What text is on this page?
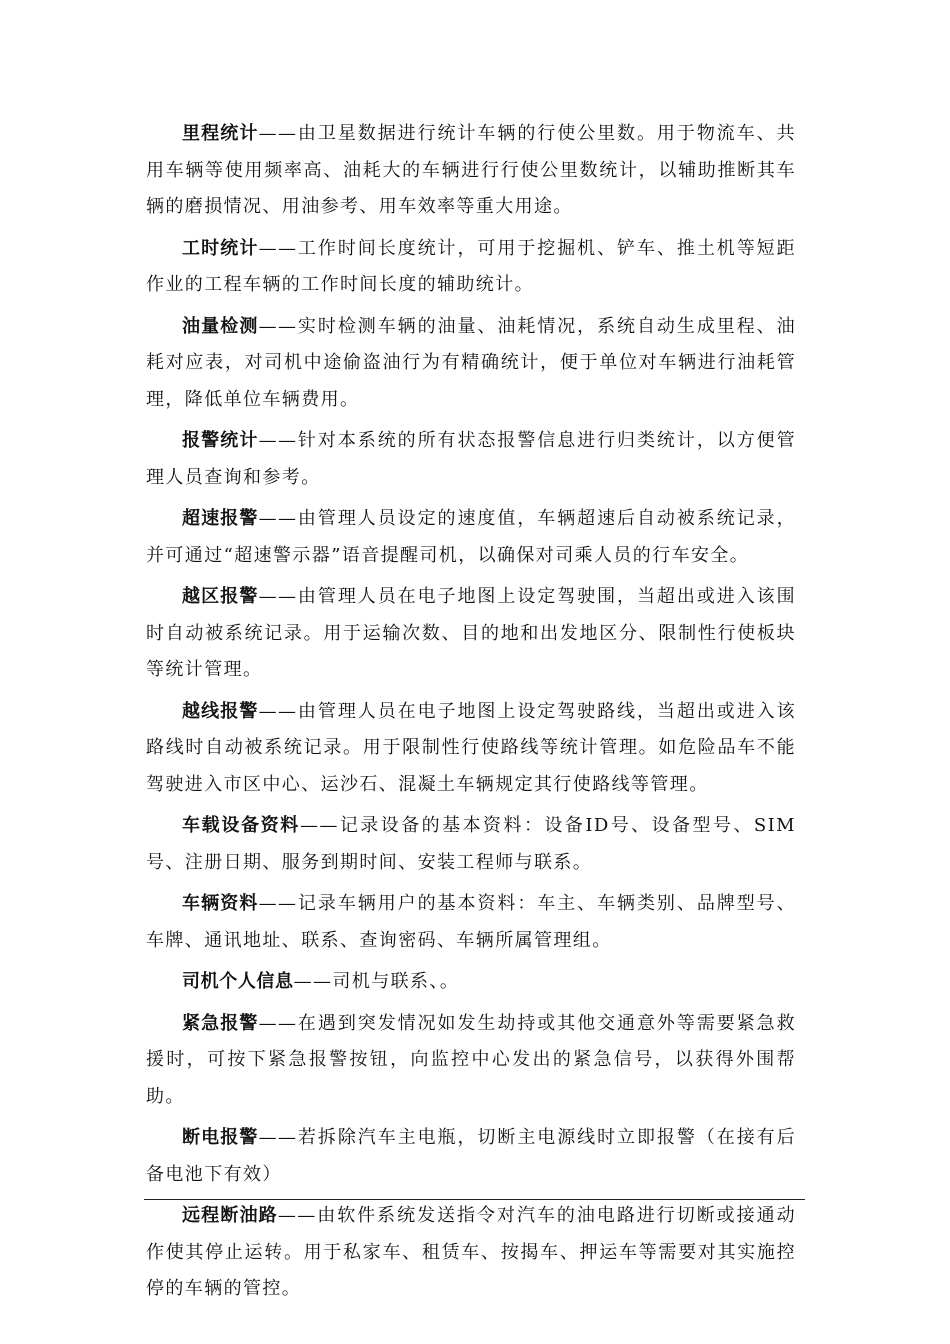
里程统计——由卫星数据进行统计车辆的行使公里数。用于物流车、共用车辆等使用频率高、油耗大的车辆进行行使公里数统计，以辅助推断其车辆的磨损情况、用油参考、用车效率等重大用途。

工时统计——工作时间长度统计，可用于挖掘机、铲车、推土机等短距作业的工程车辆的工作时间长度的辅助统计。

油量检测——实时检测车辆的油量、油耗情况，系统自动生成里程、油耗对应表，对司机中途偷盗油行为有精确统计，便于单位对车辆进行油耗管理，降低单位车辆费用。

报警统计——针对本系统的所有状态报警信息进行归类统计，以方便管理人员查询和参考。

超速报警——由管理人员设定的速度值，车辆超速后自动被系统记录，并可通过“超速警示器”语音提醒司机，以确保对司乘人员的行车安全。

越区报警——由管理人员在电子地图上设定驾驶围，当超出或进入该围时自动被系统记录。用于运输次数、目的地和出发地区分、限制性行使板块等统计管理。

越线报警——由管理人员在电子地图上设定驾驶路线，当超出或进入该路线时自动被系统记录。用于限制性行使路线等统计管理。如危险品车不能驾驶进入市区中心、运沙石、混凝土车辆规定其行使路线等管理。

车载设备资料——记录设备的基本资料：设备ID号、设备型号、SIM号、注册日期、服务到期时间、安装工程师与联系。

车辆资料——记录车辆用户的基本资料：车主、车辆类别、品牌型号、车牌、通讯地址、联系、查询密码、车辆所属管理组。

司机个人信息——司机与联系、。

紧急报警——在遇到突发情况如发生劫持或其他交通意外等需要紧急救援时，可按下紧急报警按钮，向监控中心发出的紧急信号，以获得外围帮助。

断电报警——若拆除汽车主电瓶，切断主电源线时立即报警（在接有后备电池下有效）

远程断油路——由软件系统发送指令对汽车的油电路进行切断或接通动作使其停止运转。用于私家车、租赁车、按揭车、押运车等需要对其实施控停的车辆的管控。
